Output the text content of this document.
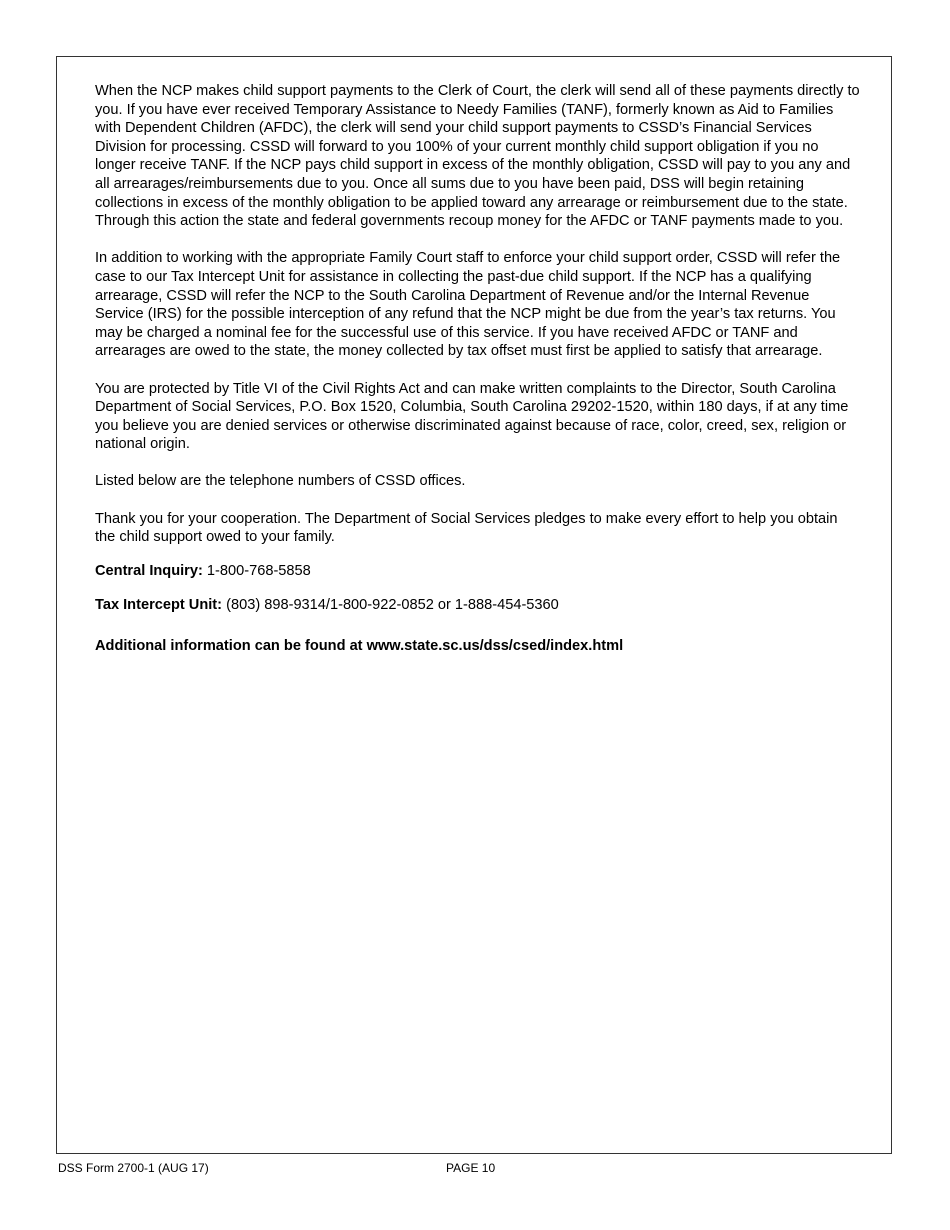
When the NCP makes child support payments to the Clerk of Court, the clerk will send all of these payments directly to you. If you have ever received Temporary Assistance to Needy Families (TANF), formerly known as Aid to Families with Dependent Children (AFDC), the clerk will send your child support payments to CSSD’s Financial Services Division for processing. CSSD will forward to you 100% of your current monthly child support obligation if you no longer receive TANF. If the NCP pays child support in excess of the monthly obligation, CSSD will pay to you any and all arrearages/reimbursements due to you. Once all sums due to you have been paid, DSS will begin retaining collections in excess of the monthly obligation to be applied toward any arrearage or reimbursement due to the state. Through this action the state and federal governments recoup money for the AFDC or TANF payments made to you.

In addition to working with the appropriate Family Court staff to enforce your child support order, CSSD will refer the case to our Tax Intercept Unit for assistance in collecting the past-due child support. If the NCP has a qualifying arrearage, CSSD will refer the NCP to the South Carolina Department of Revenue and/or the Internal Revenue Service (IRS) for the possible interception of any refund that the NCP might be due from the year’s tax returns. You may be charged a nominal fee for the successful use of this service. If you have received AFDC or TANF and arrearages are owed to the state, the money collected by tax offset must first be applied to satisfy that arrearage.

You are protected by Title VI of the Civil Rights Act and can make written complaints to the Director, South Carolina Department of Social Services, P.O. Box 1520, Columbia, South Carolina 29202-1520, within 180 days, if at any time you believe you are denied services or otherwise discriminated against because of race, color, creed, sex, religion or national origin.

Listed below are the telephone numbers of CSSD offices.

Thank you for your cooperation. The Department of Social Services pledges to make every effort to help you obtain the child support owed to your family.

Central Inquiry: 1-800-768-5858

Tax Intercept Unit: (803) 898-9314/1-800-922-0852 or 1-888-454-5360

Additional information can be found at www.state.sc.us/dss/csed/index.html

DSS Form 2700-1 (AUG 17)	PAGE 10
